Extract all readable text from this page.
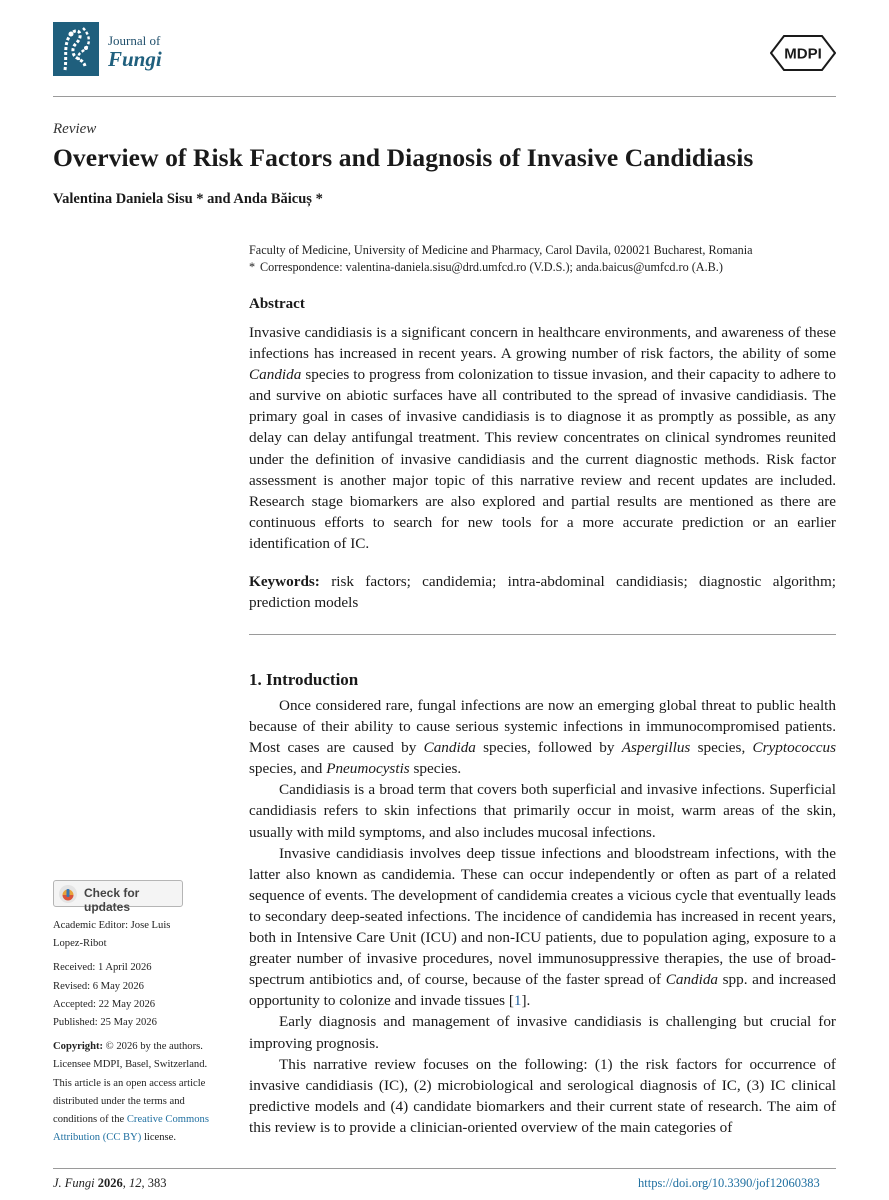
Journal of
Fungi	MDPI
Review
Overview of Risk Factors and Diagnosis of Invasive Candidiasis
Valentina Daniela Sisu * and Anda Băicuș *
Faculty of Medicine, University of Medicine and Pharmacy, Carol Davila, 020021 Bucharest, Romania
* Correspondence: valentina-daniela.sisu@drd.umfcd.ro (V.D.S.); anda.baicus@umfcd.ro (A.B.)
Abstract
Invasive candidiasis is a significant concern in healthcare environments, and awareness of these infections has increased in recent years. A growing number of risk factors, the ability of some Candida species to progress from colonization to tissue invasion, and their capacity to adhere to and survive on abiotic surfaces have all contributed to the spread of invasive candidiasis. The primary goal in cases of invasive candidiasis is to diagnose it as promptly as possible, as any delay can delay antifungal treatment. This review concentrates on clinical syndromes reunited under the definition of invasive candidiasis and the current diagnostic methods. Risk factor assessment is another major topic of this narrative review and recent updates are included. Research stage biomarkers are also explored and partial results are mentioned as there are continuous efforts to search for new tools for a more accurate prediction or an earlier identification of IC.
Keywords: risk factors; candidemia; intra-abdominal candidiasis; diagnostic algorithm; prediction models
1. Introduction

Once considered rare, fungal infections are now an emerging global threat to public health because of their ability to cause serious systemic infections in immunocompromised patients. Most cases are caused by Candida species, followed by Aspergillus species, Cryptococcus species, and Pneumocystis species.

Candidiasis is a broad term that covers both superficial and invasive infections. Superficial candidiasis refers to skin infections that primarily occur in moist, warm areas of the skin, usually with mild symptoms, and also includes mucosal infections.

Invasive candidiasis involves deep tissue infections and bloodstream infections, with the latter also known as candidemia. These can occur independently or often as part of a related sequence of events. The development of candidemia creates a vicious cycle that eventually leads to secondary deep-seated infections. The incidence of candidemia has increased in recent years, both in Intensive Care Unit (ICU) and non-ICU patients, due to population aging, exposure to a greater number of invasive procedures, novel immunosuppressive therapies, the use of broad-spectrum antibiotics and, of course, because of the faster spread of Candida spp. and increased opportunity to colonize and invade tissues [1].

Early diagnosis and management of invasive candidiasis is challenging but crucial for improving prognosis.

This narrative review focuses on the following: (1) the risk factors for occurrence of invasive candidiasis (IC), (2) microbiological and serological diagnosis of IC, (3) IC clinical predictive models and (4) candidate biomarkers and their current state of research. The aim of this review is to provide a clinician-oriented overview of the main categories of

Check for updates
Academic Editor: Jose Luis
Lopez-Ribot
Received: 1 April 2026
Revised: 6 May 2026
Accepted: 22 May 2026
Published: 25 May 2026
Copyright: © 2026 by the authors.
Licensee MDPI, Basel, Switzerland.
This article is an open access article
distributed under the terms and
conditions of the Creative Commons
Attribution (CC BY) license.
J. Fungi 2026, 12, 383	https://doi.org/10.3390/jof12060383
